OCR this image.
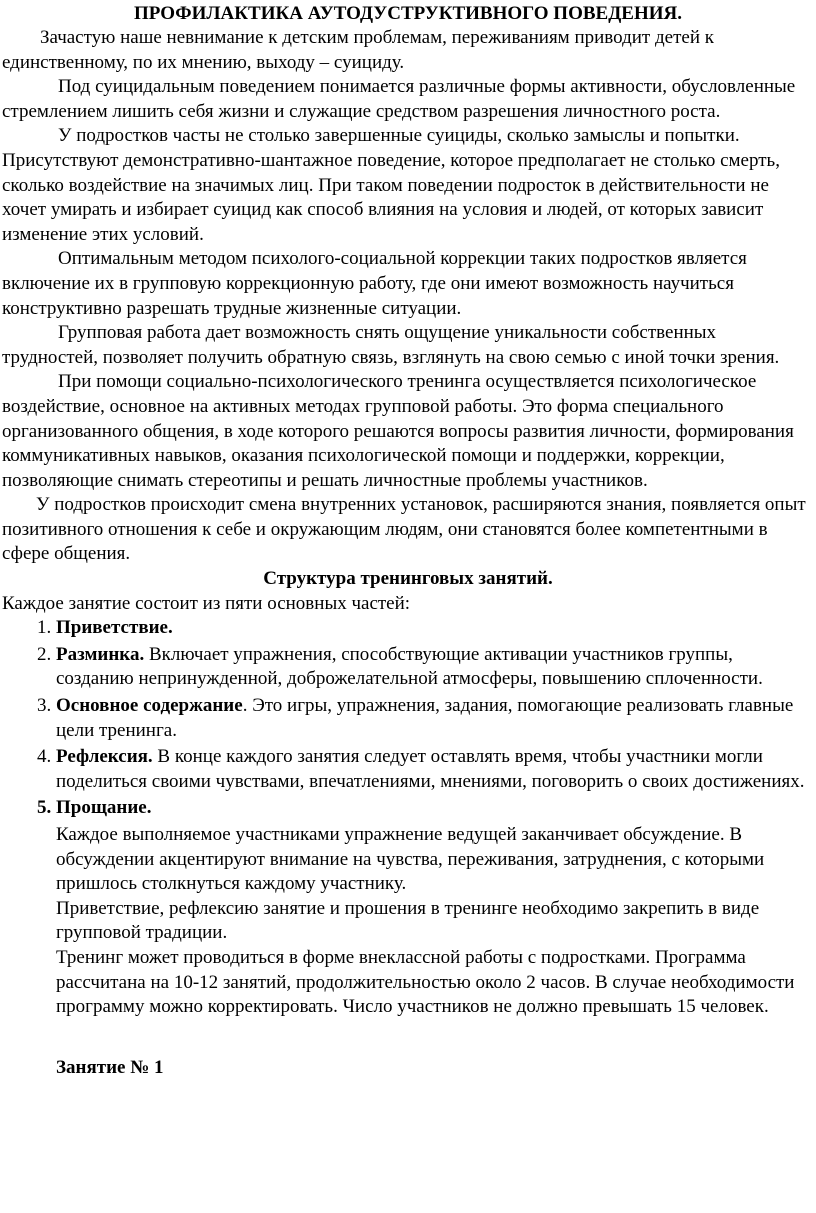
ПРОФИЛАКТИКА АУТОДУСТРУКТИВНОГО ПОВЕДЕНИЯ.

Зачастую наше невнимание к детским проблемам, переживаниям приводит детей к единственному, по их мнению, выходу – суициду.

Под суицидальным поведением понимается различные формы активности, обусловленные стремлением лишить себя жизни и служащие средством разрешения личностного роста.

У подростков часты не столько завершенные суициды, сколько замыслы и попытки. Присутствуют демонстративно-шантажное поведение, которое предполагает не столько смерть, сколько воздействие на значимых лиц. При таком поведении подросток в действительности не хочет умирать и избирает суицид как способ влияния на условия и людей, от которых зависит изменение этих условий.

Оптимальным методом психолого-социальной коррекции таких подростков является включение их в групповую коррекционную работу, где они имеют возможность научиться конструктивно разрешать трудные жизненные ситуации.

Групповая работа дает возможность снять ощущение уникальности собственных трудностей, позволяет получить обратную связь, взглянуть на свою семью с иной точки зрения.

При помощи социально-психологического тренинга осуществляется психологическое воздействие, основное на активных методах групповой работы. Это форма специального организованного общения, в ходе которого решаются вопросы развития личности, формирования коммуникативных навыков, оказания психологической помощи и поддержки, коррекции, позволяющие снимать стереотипы и решать личностные проблемы участников.

У подростков происходит смена внутренних установок, расширяются знания, появляется опыт позитивного отношения к себе и окружающим людям, они становятся более компетентными в сфере общения.

Структура тренинговых занятий.

Каждое занятие состоит из пяти основных частей:

1. Приветствие.
2. Разминка. Включает упражнения, способствующие активации участников группы, созданию непринужденной, доброжелательной атмосферы, повышению сплоченности.
3. Основное содержание. Это игры, упражнения, задания, помогающие реализовать главные цели тренинга.
4. Рефлексия. В конце каждого занятия следует оставлять время, чтобы участники могли поделиться своими чувствами, впечатлениями, мнениями, поговорить о своих достижениях.
5. Прощание.

Каждое выполняемое участниками упражнение ведущей заканчивает обсуждение. В обсуждении акцентируют внимание на чувства, переживания, затруднения, с которыми пришлось столкнуться каждому участнику.

Приветствие, рефлексию занятие и прошения в тренинге необходимо закрепить в виде групповой традиции.

Тренинг может проводиться в форме внеклассной работы с подростками. Программа рассчитана на 10-12 занятий, продолжительностью около 2 часов. В случае необходимости программу можно корректировать. Число участников не должно превышать 15 человек.

Занятие № 1
